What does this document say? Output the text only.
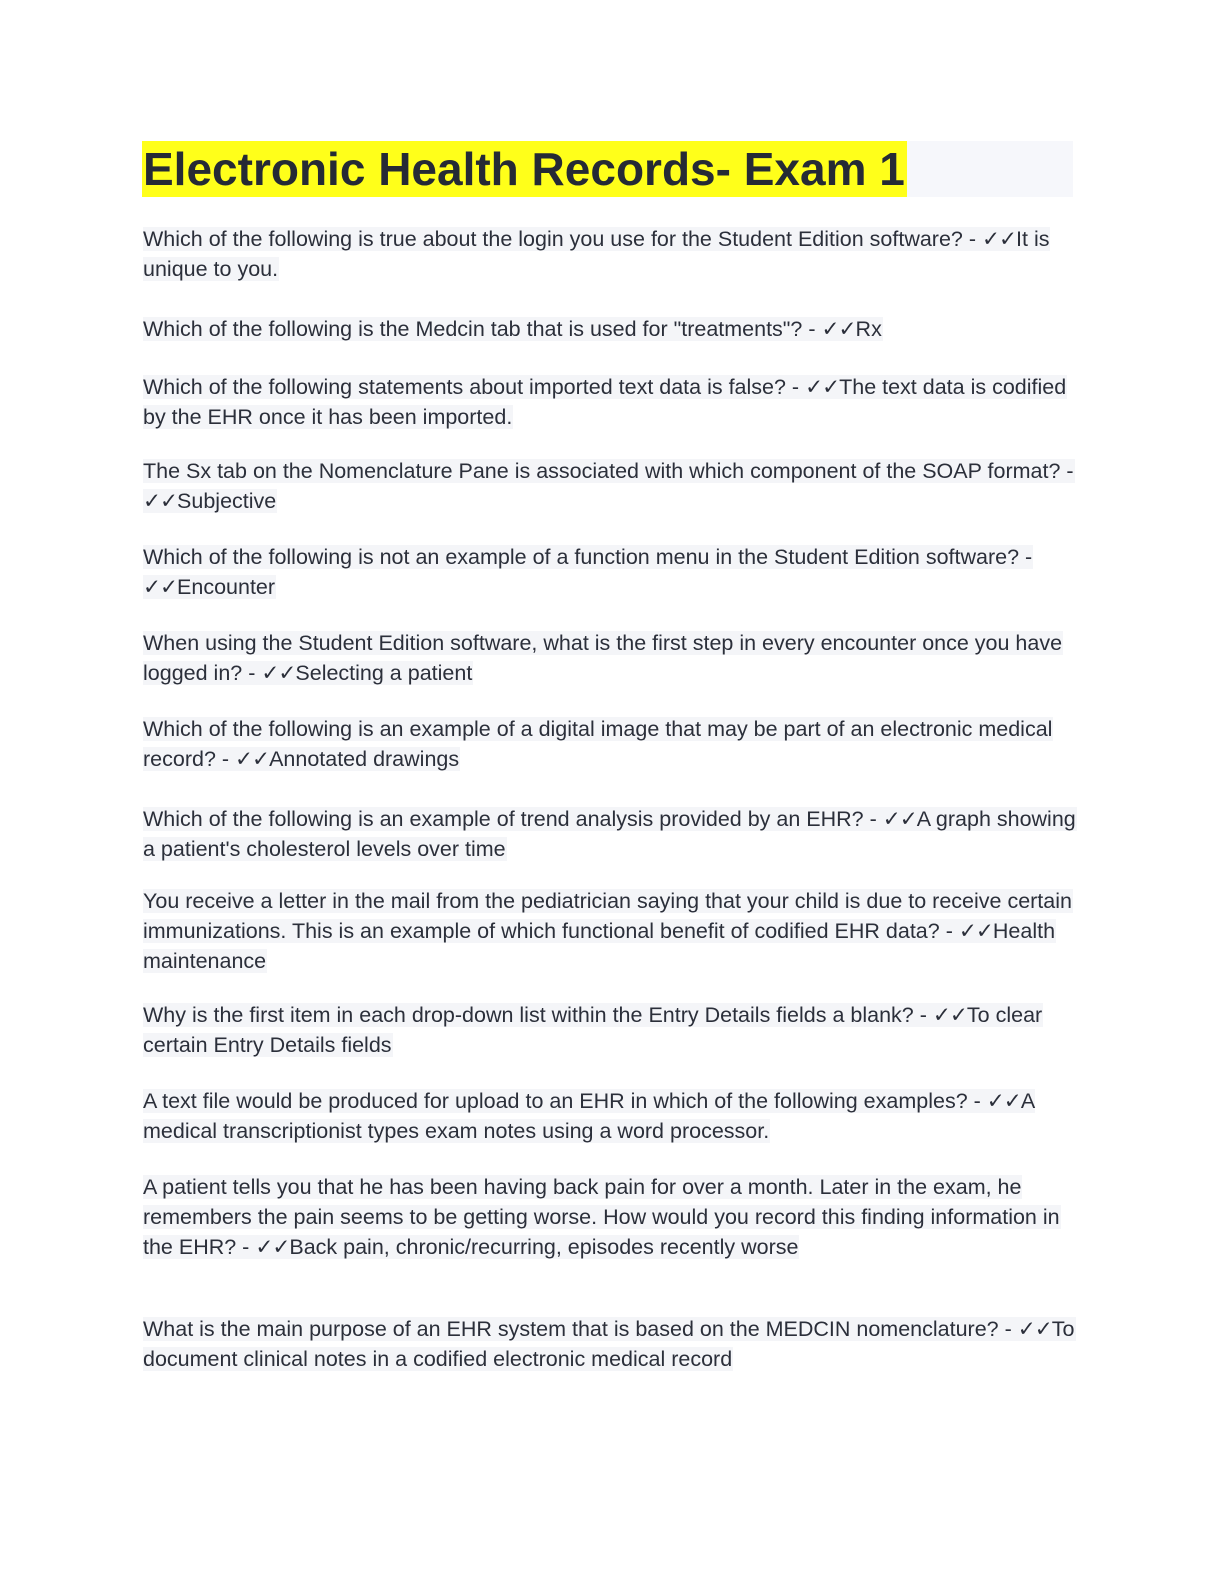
Electronic Health Records- Exam 1

Which of the following is true about the login you use for the Student Edition software? - ✓✓It is unique to you.

Which of the following is the Medcin tab that is used for "treatments"? - ✓✓Rx

Which of the following statements about imported text data is false? - ✓✓The text data is codified by the EHR once it has been imported.

The Sx tab on the Nomenclature Pane is associated with which component of the SOAP format? - ✓✓Subjective

Which of the following is not an example of a function menu in the Student Edition software? - ✓✓Encounter

When using the Student Edition software, what is the first step in every encounter once you have logged in? - ✓✓Selecting a patient

Which of the following is an example of a digital image that may be part of an electronic medical record? - ✓✓Annotated drawings

Which of the following is an example of trend analysis provided by an EHR? - ✓✓A graph showing a patient's cholesterol levels over time

You receive a letter in the mail from the pediatrician saying that your child is due to receive certain immunizations. This is an example of which functional benefit of codified EHR data? - ✓✓Health maintenance

Why is the first item in each drop-down list within the Entry Details fields a blank? - ✓✓To clear certain Entry Details fields

A text file would be produced for upload to an EHR in which of the following examples? - ✓✓A medical transcriptionist types exam notes using a word processor.

A patient tells you that he has been having back pain for over a month. Later in the exam, he remembers the pain seems to be getting worse. How would you record this finding information in the EHR? - ✓✓Back pain, chronic/recurring, episodes recently worse

What is the main purpose of an EHR system that is based on the MEDCIN nomenclature? - ✓✓To document clinical notes in a codified electronic medical record
